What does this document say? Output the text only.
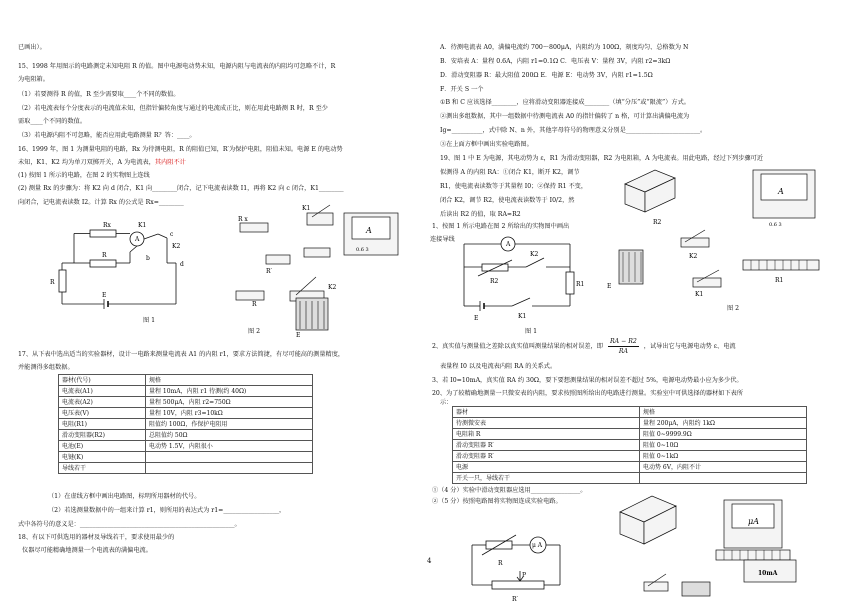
已画出）。
15、1998 年用图示的电路测定未知电阻 R 的值。图中电源电动势未知，电源内阻与电流表的内阻均可忽略不计，R
为电阻箱。
（1）若要测得 R 的值，R 至少需要取____个不同的数值。
（2）若电流表每个分度表示的电流值未知，但指针偏转角度与通过的电流成正比，则在用此电路测 R 时，R 至少
需取____个不同的数值。
（3）若电源内阻不可忽略，能否应用此电路测量 R？答：____。
16、1999 年，图 1 为测量电阻的电路，Rx 为待测电阻，R 的阻值已知，R′为保护电阻，阻值未知。电源 E 的电动势
未知，K1、K2 均为单刀双掷开关，A 为电流表，其内阻不计
(1) 按图 1 所示的电路，在图 2 的实物图上连线
(2) 测量 Rx 的步骤为：将 K2 向 d 闭合，K1 向________闭合，记下电流表读数 I1，再将 K2 向 c 闭合，K1________
向闭合，记电流表读数 I2。计算 Rx 的公式是 Rx=________
Rx
A
R
R
E
K1
K2
b
c
d
图 1
R x
K1
A
0.6 3
R′
R
K2
E
图 2
17、从下表中选出适当的实验器材，设计一电路来测量电流表 A1 的内阻 r1，要求方法简捷，有尽可能高的测量精度，
并能测得多组数据。
器材(代号)	规格
电流表(A1)	量程 10mA，内阻 r1 待测(约 40Ω)
电流表(A2)	量程 500μA，内阻 r2=750Ω
电压表(V)	量程 10V，内阻 r3=10kΩ
电阻(R1)	阻值约 100Ω，作保护电阻用
滑动变阻器(R2)	总阻值约 50Ω
电池(E)	电动势 1.5V，内阻很小
电键(K)	
导线若干	
（1）在虚线方框中画出电路图，标明所用器材的代号。
（2）若选测量数据中的一组来计算 r1，则所用的表达式为 r1=__________________，
式中各符号的意义是：__________________________________________________。
18、有以下可供选用的器材及导线若干，要求使用最少的
仪器尽可能精确地测量一个电流表的满偏电流。
4
A．待测电流表 A0，满偏电流约 700～800μA，内阻约为 100Ω，刻度均匀、总格数为 N
B．安培表 A：量程 0.6A，内阻 r1=0.1Ω C．电压表 V：量程 3V，内阻 r2=3kΩ
D．滑动变阻器 R：最大阻值 200Ω E．电源 E：电动势 3V，内阻 r1=1.5Ω
F．开关 S 一个
①B 和 C 应该选择________，应将滑动变阻器连接成________（填“分压”或“限流”）方式。
②测出多组数据，其中一组数据中待测电流表 A0 的指针偏转了 n 格，可计算出满偏电流为
Ig=__________，式中除 N、n 外，其他字母符号的物理意义分别是________________________。
③在上面方框中画出实验电路图。
19、图 1 中 E 为电源，其电动势为 ε，R1 为滑动变阻器，R2 为电阻箱，A 为电流表。用此电路，经过下列步骤可近
似测得 A 的内阻 RA：①闭合 K1，断开 K2，调节
R1，使电流表读数等于其量程 I0；②保持 R1 不变，
闭合 K2，调节 R2，使电流表读数等于 I0/2，然
后读出 R2 的值，取 RA≈R2
1、按图 1 所示电路在图 2 所给出的实物图中画出
连接导线
R2
A
0.6 3
A
R2
K2
R1
E	K1
图 1
E
K2
K1
R1
图 2
2、真实值与测量值之差除以真实值叫测量结果的相对误差，即 $\frac{RA - R2}{RA}$ ，试导出它与电源电动势 ε、电流
表量程 I0 以及电流表内阻 RA 的关系式。
3、若 I0=10mA，真实值 RA 约 30Ω，要下要想测量结果的相对误差不超过 5%，电源电动势最小应为多少伏。
20、为了较精确地测量一只微安表的内阻，要求按照图所给出的电路进行测量。实验室中可供选择的器材如下表所
示：
器材	规格
待测微安表	量程 200μA，内阻约 1kΩ
电阻箱 R	阻值 0~9999.9Ω
滑动变阻器 R′	阻值 0~10Ω
滑动变阻器 R′	阻值 0~1kΩ
电源	电动势 6V，内阻不计
开关一只，导线若干	
①（4 分）实验中滑动变阻器应选用________________。
②（5 分）按照电路图将实物图连成实验电路。
R
μ A
P
R′
μA
10mA
